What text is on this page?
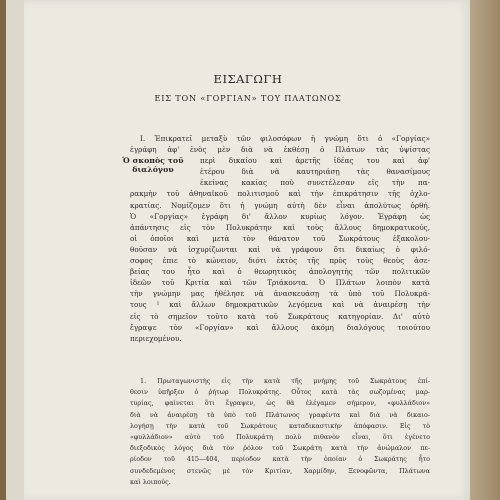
ΕΙΣΑΓΩΓΗ
ΕΙΣ ΤΟΝ «ΓΟΡΓΙΑΝ» ΤΟΥ ΠΛΑΤΩΝΟΣ
I. Ἐπικρατεῖ μεταξὺ τῶν φιλοσόφων ἡ γνώμη ὅτι ὁ «Γοργίας»
ἐγράφη ἀφ' ἑνὸς μὲν διὰ νὰ ἐκθέσῃ ὁ Πλάτων τὰς ὑψίστας
περὶ δικαίου καὶ ἀρετῆς ἰδέας του καὶ ἀφ'
ἑτέρου διὰ νὰ καυτηριάσῃ τὰς θανασίμους
ἐκείνας κακίας ποὺ συνετέλεσαν εἰς τὴν πα-
ρακμὴν τοῦ ἀθηναϊκοῦ πολιτισμοῦ καὶ τὴν ἐπικράτησιν τῆς ὀχλο-
κρατίας. Νομίζομεν ὅτι ἡ γνώμη αὐτὴ δὲν εἶναι ἀπολύτως ὀρθή.
Ὁ «Γοργίας» ἐγράφη δι' ἄλλον κυρίως λόγον. Ἐγράφη ὡς
ἀπάντησις εἰς τὸν Πολυκράτην καὶ τοὺς ἄλλους δημοκρατικούς,
οἱ ὁποῖοι καὶ μετὰ τὸν θάνατον τοῦ Σωκράτους ἐξακολου-
θοῦσαν νὰ ἰσχυρίζωνται καὶ νὰ γράφουν ὅτι δικαίως ὁ φιλό-
σοφος ἐπιε τὸ κώνειον, διότι ἐκτὸς τῆς πρὸς τοὺς θεοὺς ἀσε-
βείας του ἦτο καὶ ὁ θεωρητικὸς ἀπολογητὴς τῶν πολιτικῶν
ἰδεῶν τοῦ Κριτία καὶ τῶν Τριάκοντα. Ὁ Πλάτων λοιπὸν κατὰ
τὴν γνώμην μας ἠθέλησε νὰ ἀνασκευάσῃ τὰ ὑπὸ τοῦ Πολυκρά-
τους ¹ καὶ ἄλλων δημοκρατικῶν λεγόμενα καὶ νὰ ἀναιρέσῃ τὴν
εἰς τὸ σημεῖον τοῦτο κατὰ τοῦ Σωκράτους κατηγορίαν. Δι' αὐτὸ
ἔγραψε τὸν «Γοργίαν» καὶ ἄλλους ἀκόμη διαλόγους τοιούτου
περιεχομένου.
Ὁ σκοπὸς τοῦ
διαλόγου
1. Πρωταγωνιστὴς εἰς τὴν κατὰ τῆς μνήμης τοῦ Σωκράτους ἐπί-
θεσιν ὑπῆρξεν ὁ ῥήτωρ Πολυκράτης. Οὗτος κατὰ τὰς σωζομένας μαρ-
τυρίας, φαίνεται ὅτι ἔγραψεν, ὡς θὰ ἐλέγαμεν σήμερον, «φυλλάδιον»
διὰ νὰ ἀναιρέσῃ τὰ ὑπὸ τοῦ Πλάτωνος γραφέντα καὶ διὰ νὰ δικαιο-
λογήσῃ τὴν κατὰ τοῦ Σωκράτους καταδικαστικὴν ἀπόφασιν. Εἰς τὸ
«φυλλάδιον» αὐτὸ τοῦ Πολυκράτη πολὺ πιθανὸν εἶναι, ὅτι ἐγένετο
διεξοδικὸς λόγος διὰ τὸν ῥόλον τοῦ Σωκράτη κατὰ τὴν ἀνώμαλον πε-
ρίοδον τοῦ 415—404, περίοδον κατὰ τὴν ὁποίαν ὁ Σωκράτης ἦτο
συνδεδεμένος στενῶς μὲ τὸν Κριτίαν, Χαρμίδην, Ξενοφῶντα, Πλάτωνα
καὶ λοιπούς.
